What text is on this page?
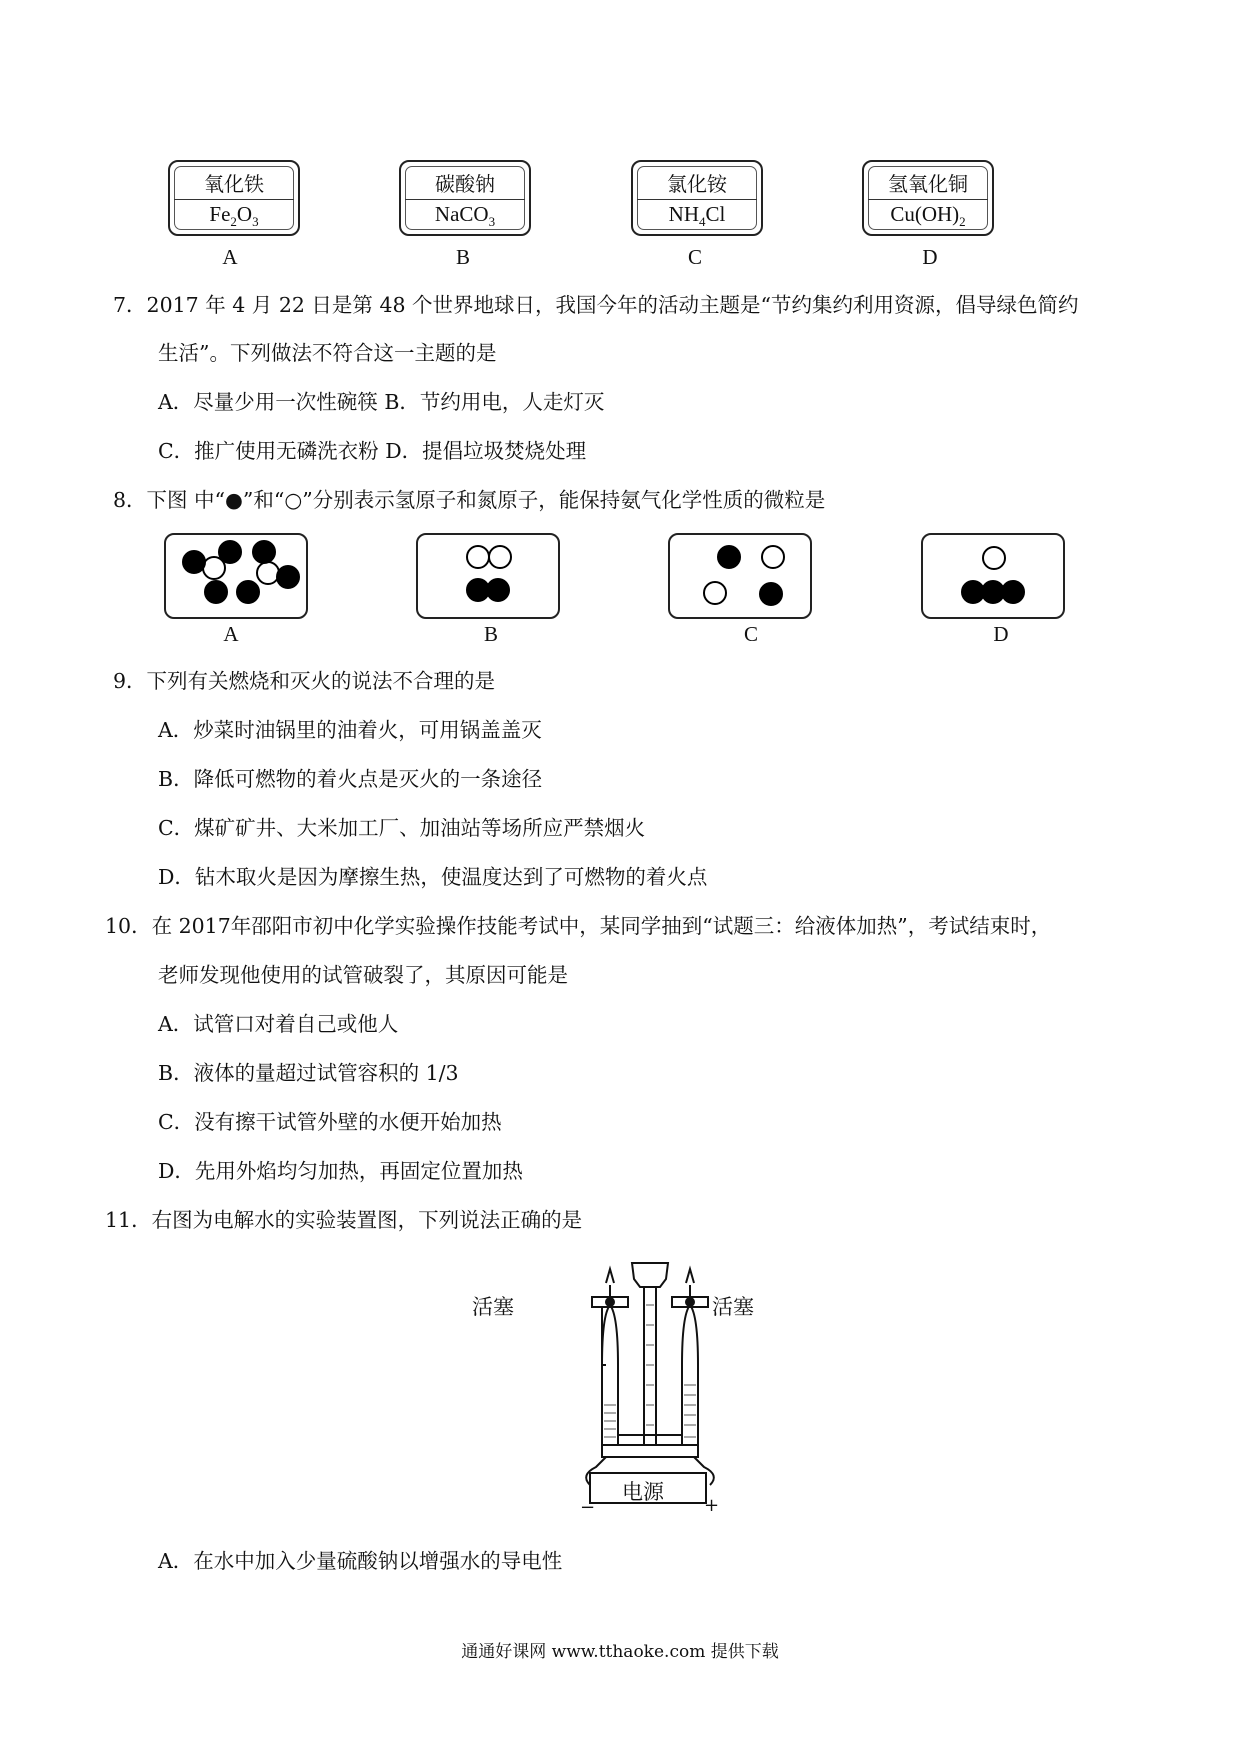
氧化铁
$Fe_2O_3$
A
碳酸钠
NaCO$_3$
B
氯化铵
$NH_4Cl$
C
氢氧化铜
$Cu(OH)_2$
D
7．2017 年 4 月 22 日是第 48 个世界地球日，我国今年的活动主题是“节约集约利用资源，倡导绿色简约
生活”。下列做法不符合这一主题的是
A．尽量少用一次性碗筷 B．节约用电，人走灯灭
C．推广使用无磷洗衣粉 D．提倡垃圾焚烧处理
8．下图 中“●”和“○”分别表示氢原子和氮原子，能保持氨气化学性质的微粒是
A	B	C	D
9．下列有关燃烧和灭火的说法不合理的是
A．炒菜时油锅里的油着火，可用锅盖盖灭
B．降低可燃物的着火点是灭火的一条途径
C．煤矿矿井、大米加工厂、加油站等场所应严禁烟火
D．钻木取火是因为摩擦生热，使温度达到了可燃物的着火点
10．在 2017年邵阳市初中化学实验操作技能考试中，某同学抽到“试题三：给液体加热”，考试结束时，
老师发现他使用的试管破裂了，其原因可能是
A．试管口对着自己或他人
B．液体的量超过试管容积的 1/3
C．没有擦干试管外壁的水便开始加热
D．先用外焰均匀加热，再固定位置加热
11．右图为电解水的实验装置图，下列说法正确的是
活塞	活塞
电源
−	+
A．在水中加入少量硫酸钠以增强水的导电性
通通好课网 www.tthaoke.com 提供下载
